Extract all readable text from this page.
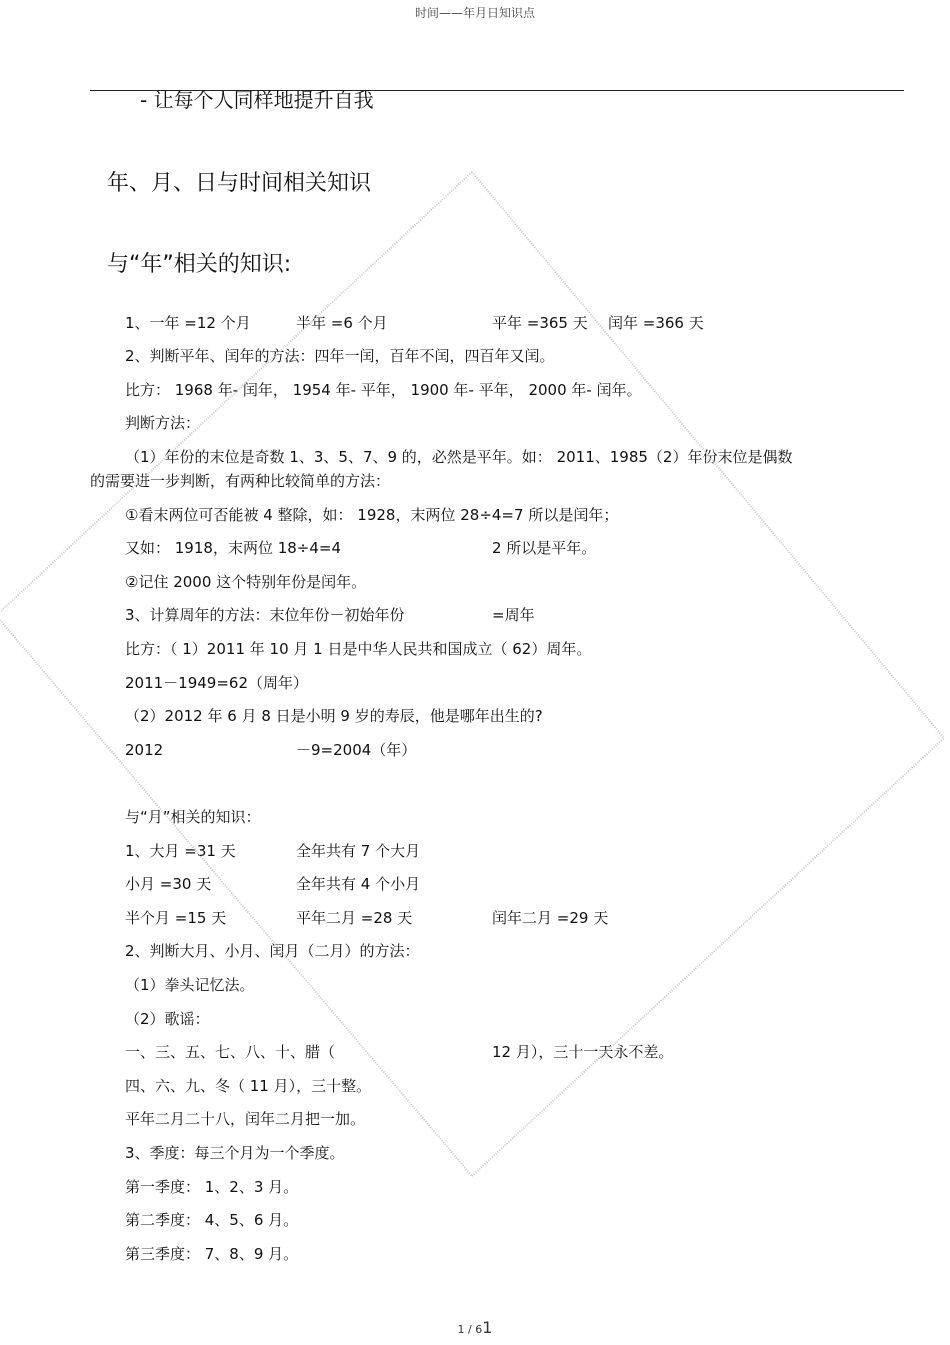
时间——年月日知识点
- 让每个人同样地提升自我
年、月、日与时间相关知识
与“年”相关的知识:
1、一年 =12 个月	半年 =6 个月	平年 =365 天 闰年 =366 天
2、判断平年、闰年的方法：四年一闰，百年不闰，四百年又闰。
比方： 1968 年- 闰年， 1954 年- 平年， 1900 年- 平年， 2000 年- 闰年。
判断方法：
（1）年份的末位是奇数 1、3、5、7、9 的，必然是平年。如： 2011、1985（2）年份末位是偶数
的需要进一步判断，有两种比较简单的方法：
①看末两位可否能被 4 整除，如： 1928，末两位 28÷4=7 所以是闰年；
又如： 1918，末两位 18÷4=4	2 所以是平年。
②记住 2000 这个特别年份是闰年。
3、计算周年的方法：末位年份－初始年份	=周年
比方：（ 1）2011 年 10 月 1 日是中华人民共和国成立（ 62）周年。
2011－1949=62（周年）
（2）2012 年 6 月 8 日是小明 9 岁的寿辰，他是哪年出生的?
2012	－9=2004（年）
与“月”相关的知识：
1、大月 =31 天	全年共有 7 个大月
小月 =30 天	全年共有 4 个小月
半个月 =15 天	平年二月 =28 天	闰年二月 =29 天
2、判断大月、小月、闰月（二月）的方法：
（1）拳头记忆法。
（2）歌谣：
一、三、五、七、八、十、腊（	12 月），三十一天永不差。
四、六、九、冬（ 11 月），三十整。
平年二月二十八，闰年二月把一加。
3、季度：每三个月为一个季度。
第一季度： 1、2、3 月。
第二季度： 4、5、6 月。
第三季度： 7、8、9 月。
1 / 61
